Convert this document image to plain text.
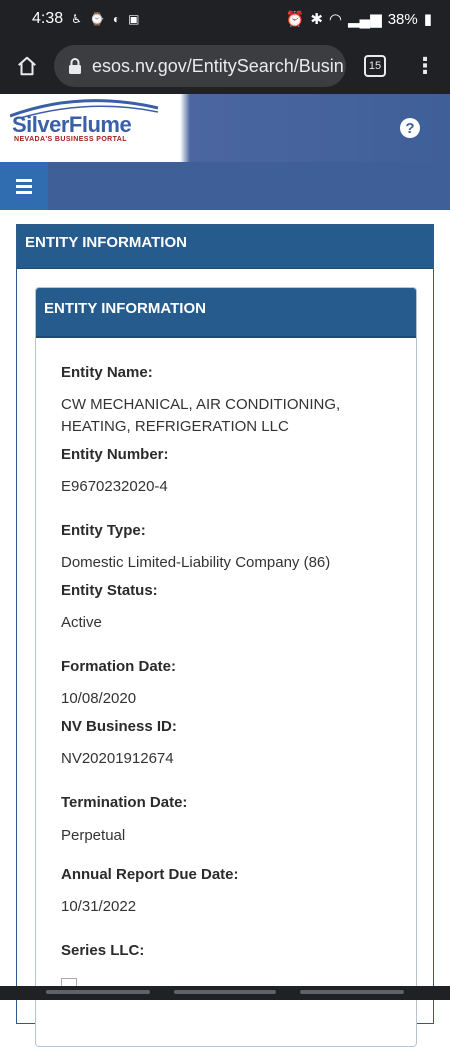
4:38 ♿ ⌚ ◐ ▣	⏰ ✱ ◠ ▂▄▆ 38% ▮
esos.nv.gov/EntitySearch/Busin	15 ⋮
SilverFlume
NEVADA'S BUSINESS PORTAL
?
ENTITY INFORMATION
ENTITY INFORMATION
Entity Name:
CW MECHANICAL, AIR CONDITIONING, HEATING, REFRIGERATION LLC
Entity Number:
E9670232020-4
Entity Type:
Domestic Limited-Liability Company (86)
Entity Status:
Active
Formation Date:
10/08/2020
NV Business ID:
NV20201912674
Termination Date:
Perpetual
Annual Report Due Date:
10/31/2022
Series LLC:
